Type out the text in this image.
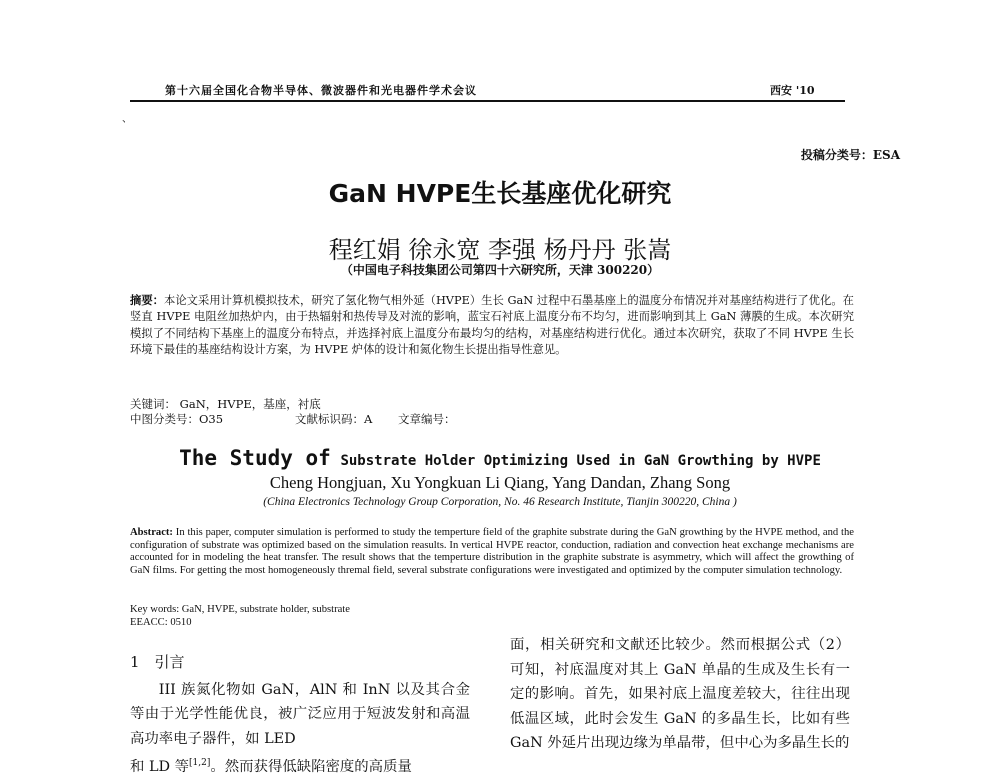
第十六届全国化合物半导体、微波器件和光电器件学术会议	西安 '10
、
投稿分类号：ESA
GaN HVPE生长基座优化研究
程红娟 徐永宽 李强 杨丹丹 张嵩
（中国电子科技集团公司第四十六研究所，天津 300220）
摘要：本论文采用计算机模拟技术，研究了氢化物气相外延（HVPE）生长 GaN 过程中石墨基座上的温度分布情况并对基座结构进行了优化。在竖直 HVPE 电阻丝加热炉内，由于热辐射和热传导及对流的影响，蓝宝石衬底上温度分布不均匀，进而影响到其上 GaN 薄膜的生成。本次研究模拟了不同结构下基座上的温度分布特点，并选择衬底上温度分布最均匀的结构，对基座结构进行优化。通过本次研究，获取了不同 HVPE 生长环境下最佳的基座结构设计方案，为 HVPE 炉体的设计和氮化物生长提出指导性意见。
关键词： GaN，HVPE，基座，衬底
中图分类号：O35	文献标识码：A 文章编号：
The Study of Substrate Holder Optimizing Used in GaN Growthing by HVPE
Cheng Hongjuan, Xu Yongkuan Li Qiang, Yang Dandan, Zhang Song
(China Electronics Technology Group Corporation, No. 46 Research Institute, Tianjin 300220, China )
Abstract: In this paper, computer simulation is performed to study the temperture field of the graphite substrate during the GaN growthing by the HVPE method, and the configuration of substrate was optimized based on the simulation reasults. In vertical HVPE reactor, conduction, radiation and convection heat exchange mechanisms are accounted for in modeling the heat transfer. The result shows that the temperture distribution in the graphite substrate is asymmetry, which will affect the growthing of GaN films. For getting the most homogeneously thremal field, several substrate configurations were investigated and optimized by the computer simulation technology.
Key words: GaN, HVPE, substrate holder, substrate
EEACC: 0510
1　引言

III 族氮化物如 GaN，AlN 和 InN 以及其合金等由于光学性能优良，被广泛应用于短波发射和高温高功率电子器件，如 LED
和 LD 等[1,2]。然而获得低缺陷密度的高质量

面，相关研究和文献还比较少。然而根据公式（2）可知，衬底温度对其上 GaN 单晶的生成及生长有一定的影响。首先，如果衬底上温度差较大，往往出现低温区域，此时会发生 GaN 的多晶生长，比如有些 GaN 外延片出现边缘为单晶带，但中心为多晶生长的
